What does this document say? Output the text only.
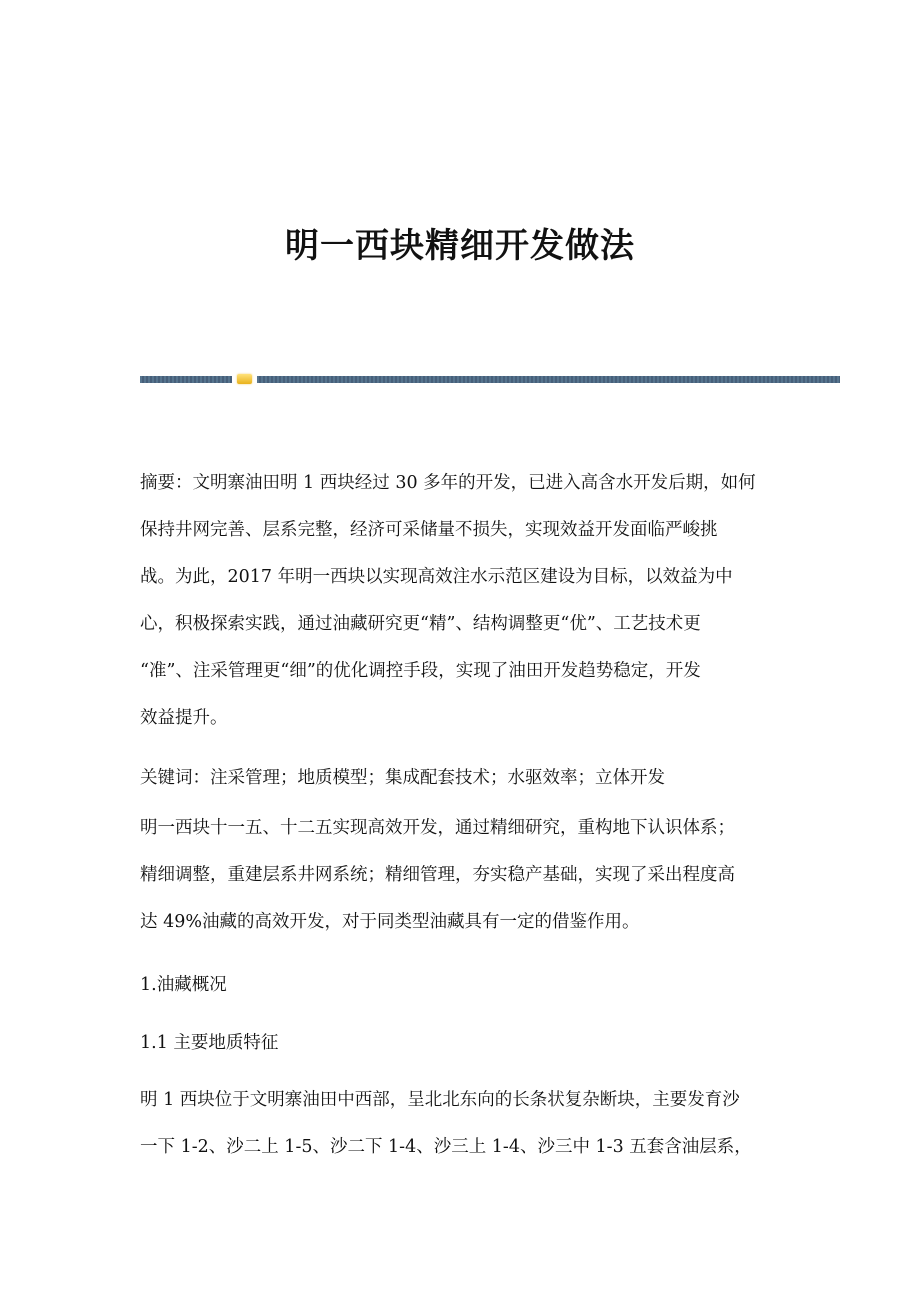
明一西块精细开发做法
摘要：文明寨油田明 1 西块经过 30 多年的开发，已进入高含水开发后期，如何
保持井网完善、层系完整，经济可采储量不损失，实现效益开发面临严峻挑
战。为此，2017 年明一西块以实现高效注水示范区建设为目标，以效益为中
心，积极探索实践，通过油藏研究更“精”、结构调整更“优”、工艺技术更
“准”、注采管理更“细”的优化调控手段，实现了油田开发趋势稳定，开发
效益提升。
关键词：注采管理；地质模型；集成配套技术；水驱效率；立体开发
明一西块十一五、十二五实现高效开发，通过精细研究，重构地下认识体系；
精细调整，重建层系井网系统；精细管理，夯实稳产基础，实现了采出程度高
达 49%油藏的高效开发，对于同类型油藏具有一定的借鉴作用。
1.油藏概况
1.1 主要地质特征
明 1 西块位于文明寨油田中西部，呈北北东向的长条状复杂断块，主要发育沙
一下 1-2、沙二上 1-5、沙二下 1-4、沙三上 1-4、沙三中 1-3 五套含油层系，
